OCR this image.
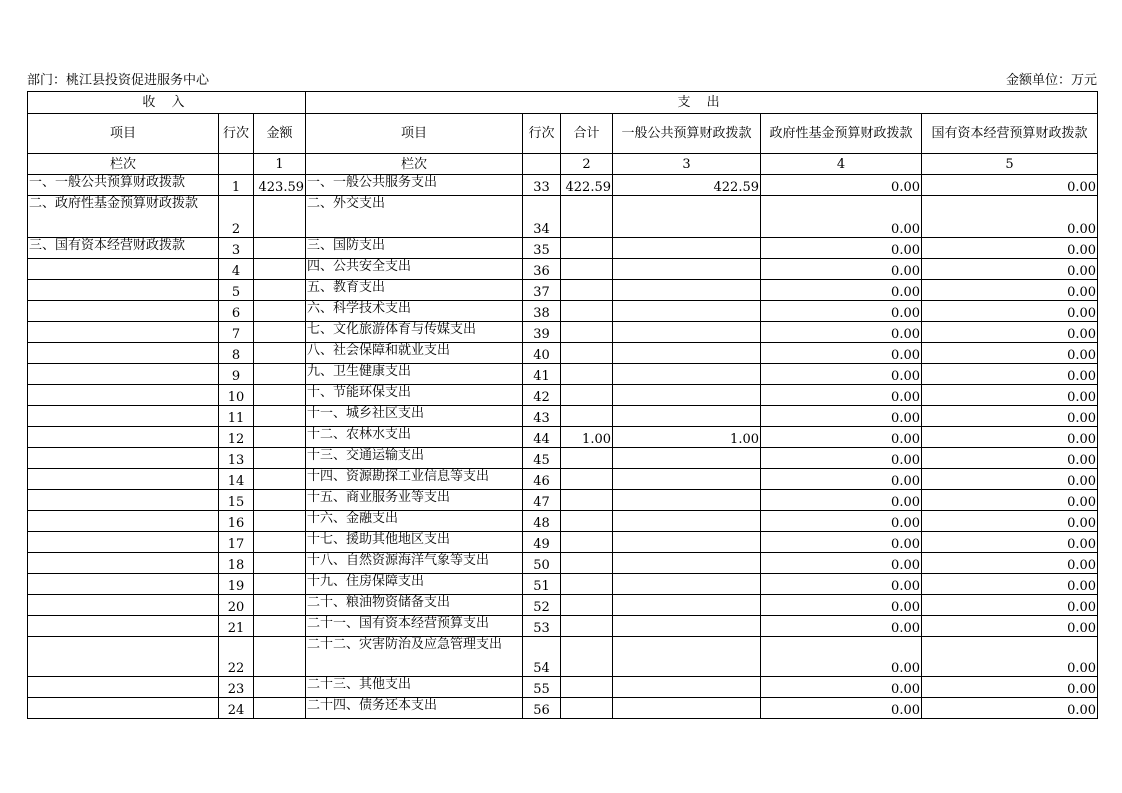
部门：桃江县投资促进服务中心	金额单位：万元
收 入			支 出					
项目	行次	金额	项目	行次	合计	一般公共预算财政拨款	政府性基金预算财政拨款	国有资本经营预算财政拨款
栏次		1	栏次		2	3	4	5
一、一般公共预算财政拨款	1	423.59	一、一般公共服务支出	33	422.59	422.59	0.00	0.00
二、政府性基金预算财政拨款	2		二、外交支出	34			0.00	0.00
三、国有资本经营财政拨款	3		三、国防支出	35			0.00	0.00
	4		四、公共安全支出	36			0.00	0.00
	5		五、教育支出	37			0.00	0.00
	6		六、科学技术支出	38			0.00	0.00
	7		七、文化旅游体育与传媒支出	39			0.00	0.00
	8		八、社会保障和就业支出	40			0.00	0.00
	9		九、卫生健康支出	41			0.00	0.00
	10		十、节能环保支出	42			0.00	0.00
	11		十一、城乡社区支出	43			0.00	0.00
	12		十二、农林水支出	44	1.00	1.00	0.00	0.00
	13		十三、交通运输支出	45			0.00	0.00
	14		十四、资源勘探工业信息等支出	46			0.00	0.00
	15		十五、商业服务业等支出	47			0.00	0.00
	16		十六、金融支出	48			0.00	0.00
	17		十七、援助其他地区支出	49			0.00	0.00
	18		十八、自然资源海洋气象等支出	50			0.00	0.00
	19		十九、住房保障支出	51			0.00	0.00
	20		二十、粮油物资储备支出	52			0.00	0.00
	21		二十一、国有资本经营预算支出	53			0.00	0.00
	22		二十二、灾害防治及应急管理支出	54			0.00	0.00
	23		二十三、其他支出	55			0.00	0.00
	24		二十四、债务还本支出	56			0.00	0.00
